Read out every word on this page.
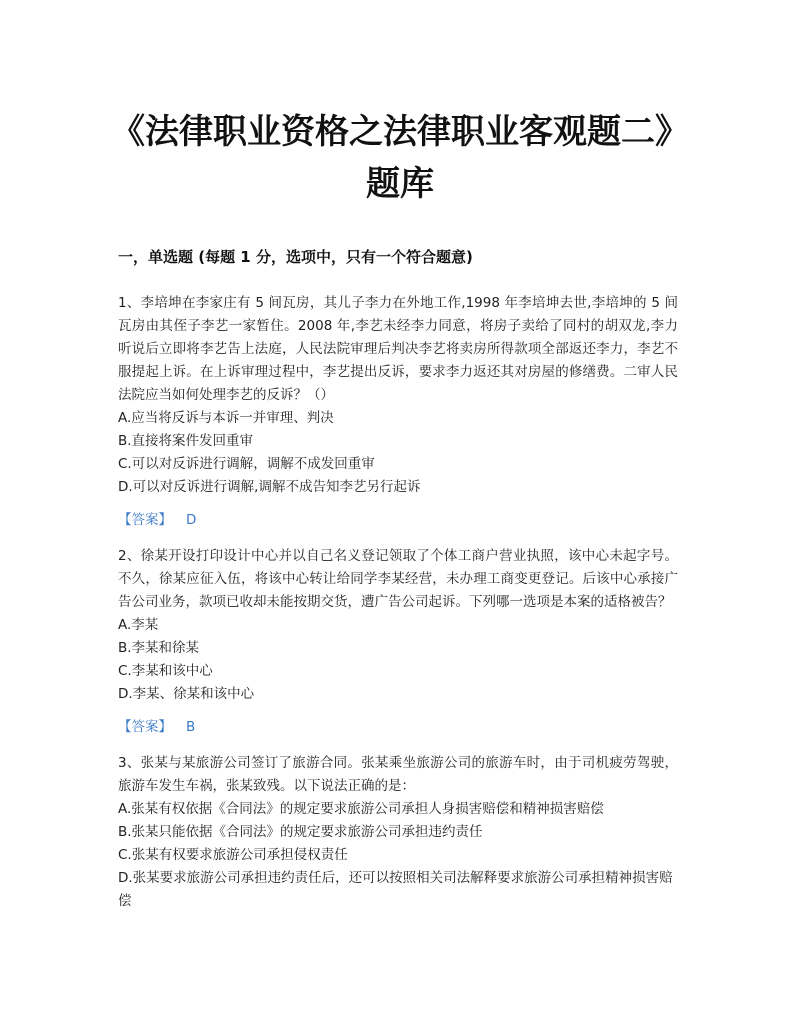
《法律职业资格之法律职业客观题二》题库
一，单选题 (每题 1 分，选项中，只有一个符合题意)

1、李培坤在李家庄有 5 间瓦房，其儿子李力在外地工作,1998 年李培坤去世,李培坤的 5 间瓦房由其侄子李艺一家暂住。2008 年,李艺未经李力同意，将房子卖给了同村的胡双龙,李力听说后立即将李艺告上法庭，人民法院审理后判决李艺将卖房所得款项全部返还李力，李艺不服提起上诉。在上诉审理过程中，李艺提出反诉，要求李力返还其对房屋的修缮费。二审人民法院应当如何处理李艺的反诉？（）

A.应当将反诉与本诉一并审理、判决

B.直接将案件发回重审

C.可以对反诉进行调解，调解不成发回重审

D.可以对反诉进行调解,调解不成告知李艺另行起诉

【答案】 D

2、徐某开设打印设计中心并以自己名义登记领取了个体工商户营业执照，该中心未起字号。不久，徐某应征入伍，将该中心转让给同学李某经营，未办理工商变更登记。后该中心承接广告公司业务，款项已收却未能按期交货，遭广告公司起诉。下列哪一选项是本案的适格被告？

A.李某

B.李某和徐某

C.李某和该中心

D.李某、徐某和该中心

【答案】 B

3、张某与某旅游公司签订了旅游合同。张某乘坐旅游公司的旅游车时，由于司机疲劳驾驶，旅游车发生车祸，张某致残。以下说法正确的是：

A.张某有权依据《合同法》的规定要求旅游公司承担人身损害赔偿和精神损害赔偿

B.张某只能依据《合同法》的规定要求旅游公司承担违约责任

C.张某有权要求旅游公司承担侵权责任

D.张某要求旅游公司承担违约责任后，还可以按照相关司法解释要求旅游公司承担精神损害赔偿
